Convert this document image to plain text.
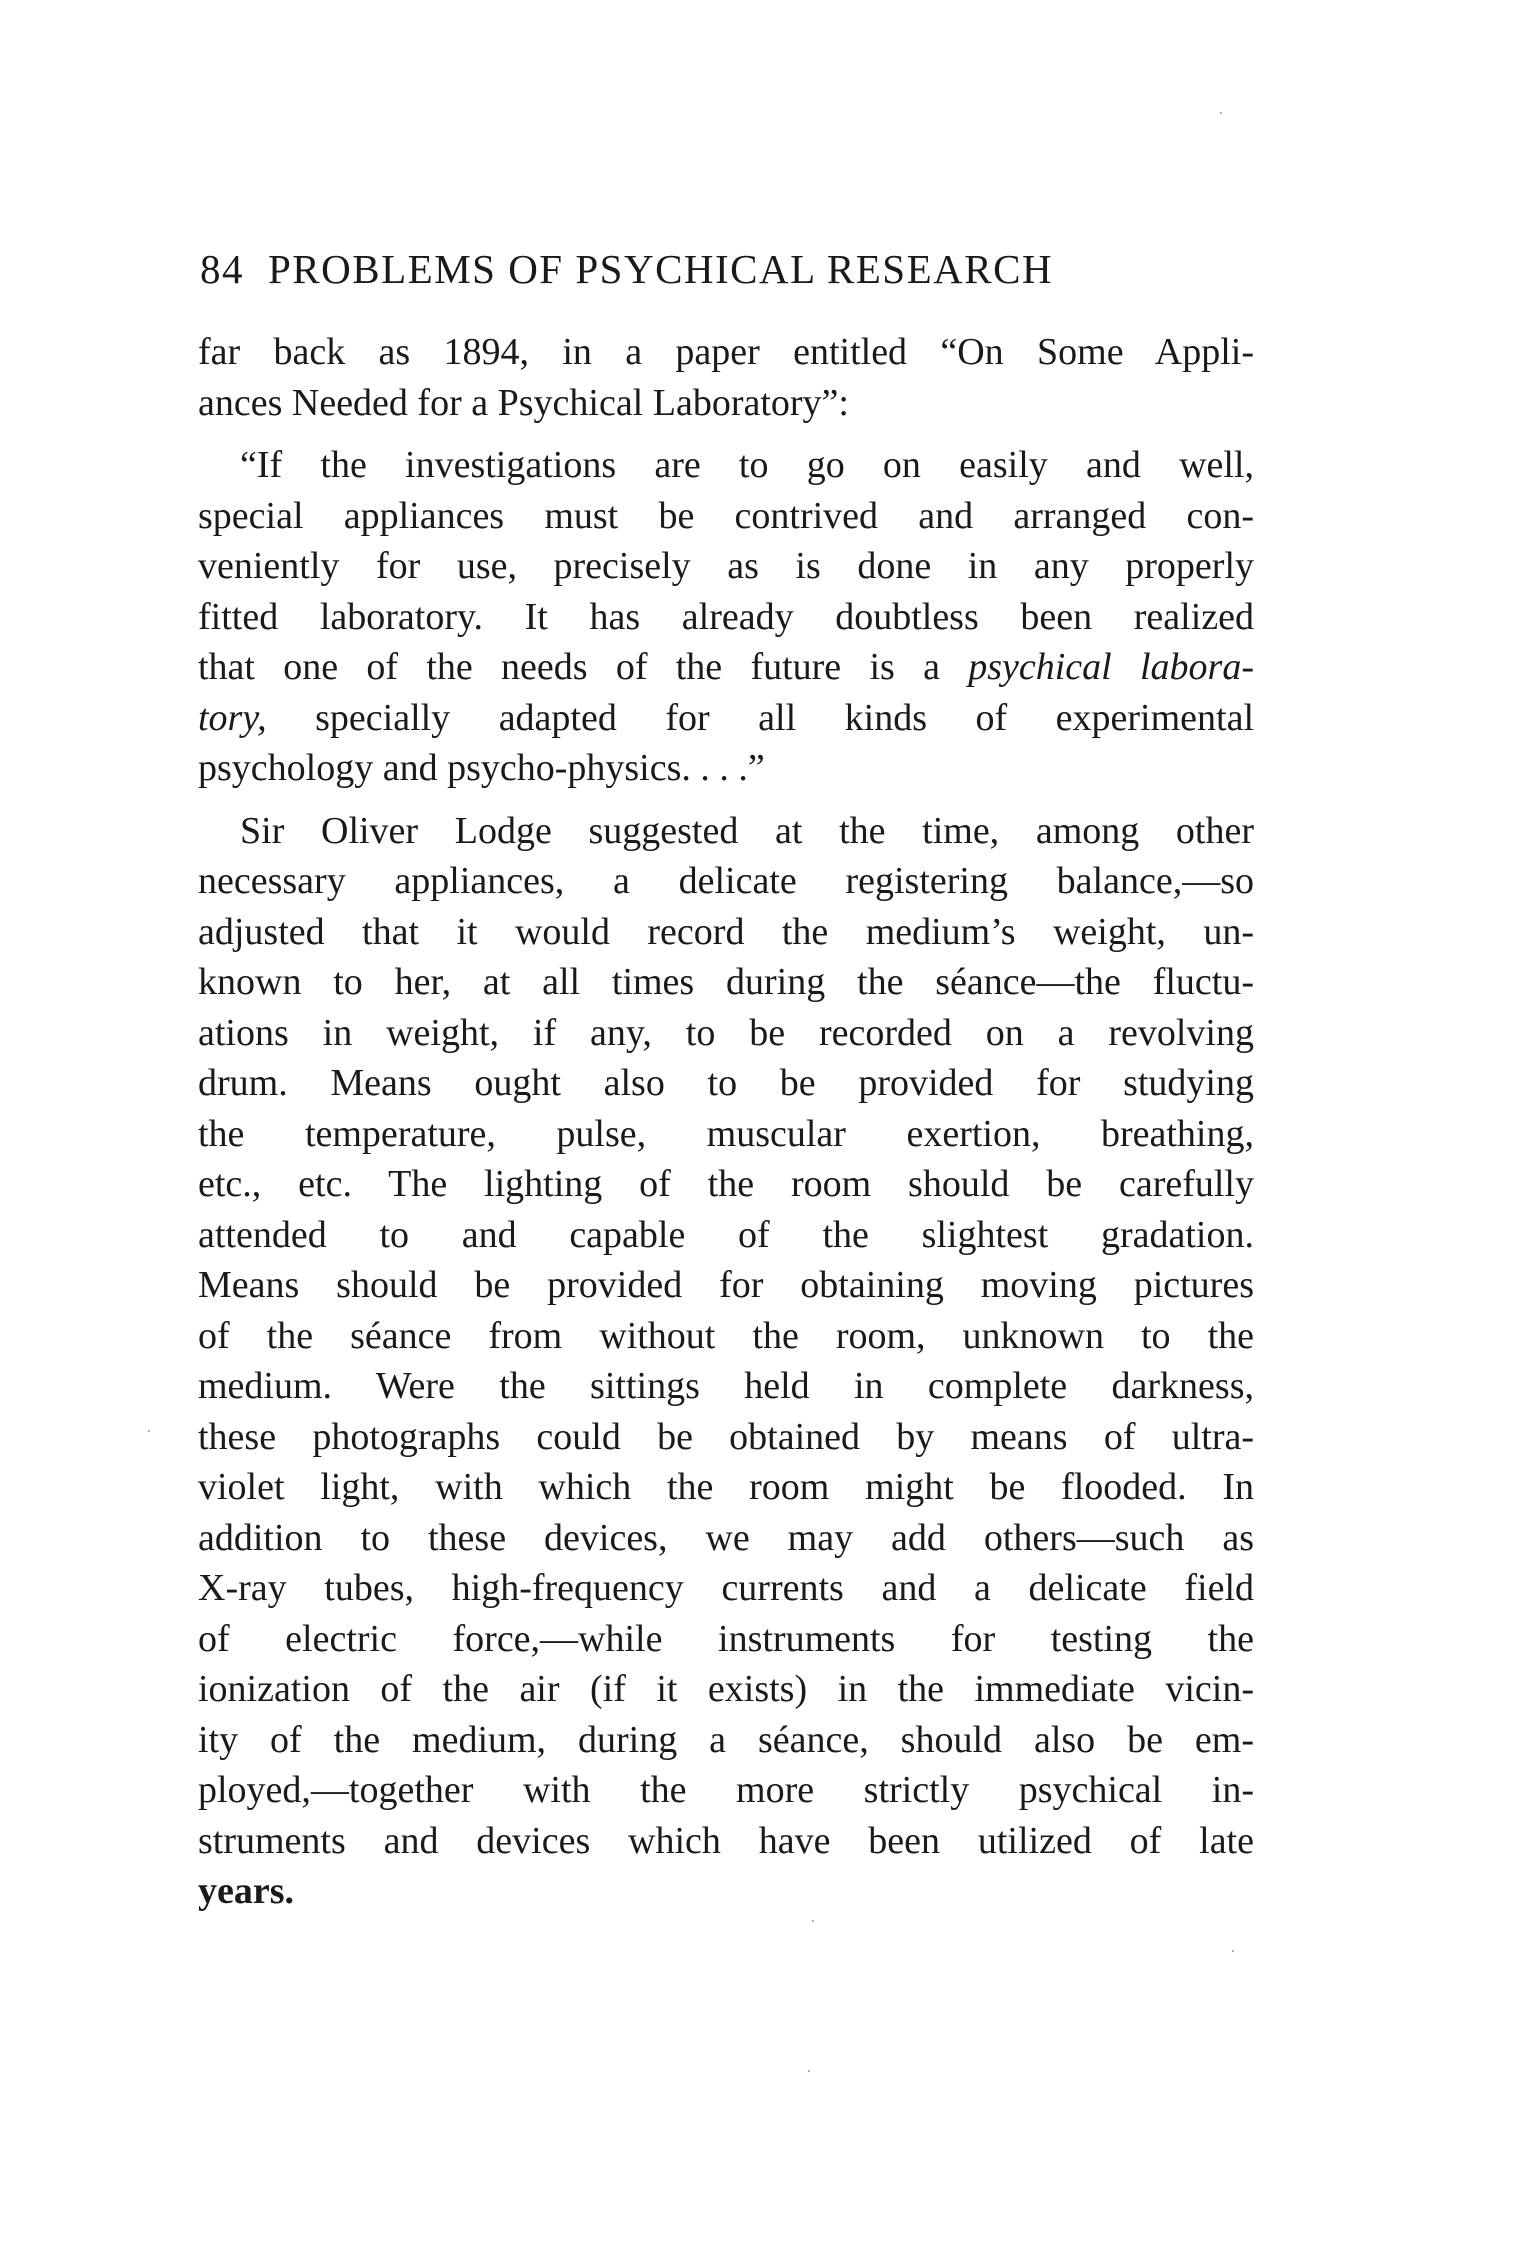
84 PROBLEMS OF PSYCHICAL RESEARCH
far back as 1894, in a paper entitled “On Some Appli-
ances Needed for a Psychical Laboratory”:
“If the investigations are to go on easily and well,
special appliances must be contrived and arranged con-
veniently for use, precisely as is done in any properly
fitted laboratory. It has already doubtless been realized
that one of the needs of the future is a psychical labora-
tory, specially adapted for all kinds of experimental
psychology and psycho-physics. . . .”
Sir Oliver Lodge suggested at the time, among other
necessary appliances, a delicate registering balance,—so
adjusted that it would record the medium’s weight, un-
known to her, at all times during the séance—the fluctu-
ations in weight, if any, to be recorded on a revolving
drum. Means ought also to be provided for studying
the temperature, pulse, muscular exertion, breathing,
etc., etc. The lighting of the room should be carefully
attended to and capable of the slightest gradation.
Means should be provided for obtaining moving pictures
of the séance from without the room, unknown to the
medium. Were the sittings held in complete darkness,
these photographs could be obtained by means of ultra-
violet light, with which the room might be flooded. In
addition to these devices, we may add others—such as
X-ray tubes, high-frequency currents and a delicate field
of electric force,—while instruments for testing the
ionization of the air (if it exists) in the immediate vicin-
ity of the medium, during a séance, should also be em-
ployed,—together with the more strictly psychical in-
struments and devices which have been utilized of late
years.
